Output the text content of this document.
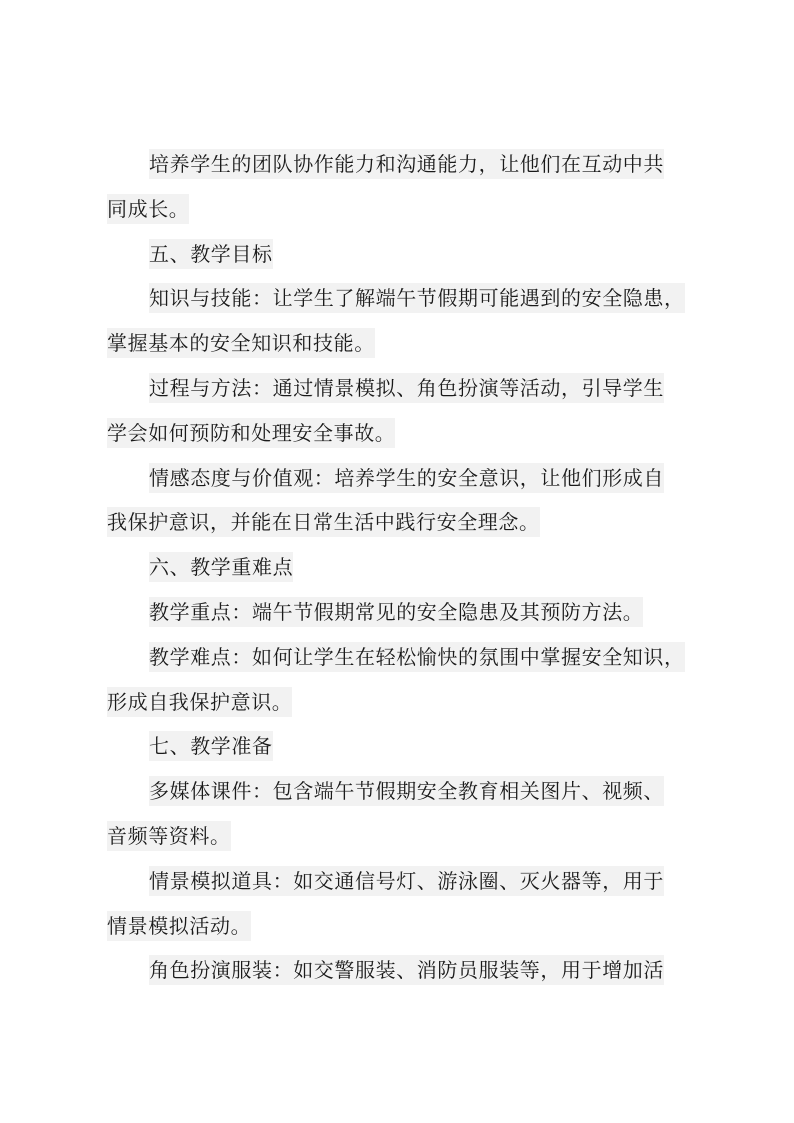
培养学生的团队协作能力和沟通能力，让他们在互动中共
同成长。
五、教学目标
知识与技能：让学生了解端午节假期可能遇到的安全隐患，
掌握基本的安全知识和技能。
过程与方法：通过情景模拟、角色扮演等活动，引导学生
学会如何预防和处理安全事故。
情感态度与价值观：培养学生的安全意识，让他们形成自
我保护意识，并能在日常生活中践行安全理念。
六、教学重难点
教学重点：端午节假期常见的安全隐患及其预防方法。
教学难点：如何让学生在轻松愉快的氛围中掌握安全知识，
形成自我保护意识。
七、教学准备
多媒体课件：包含端午节假期安全教育相关图片、视频、
音频等资料。
情景模拟道具：如交通信号灯、游泳圈、灭火器等，用于
情景模拟活动。
角色扮演服装：如交警服装、消防员服装等，用于增加活
